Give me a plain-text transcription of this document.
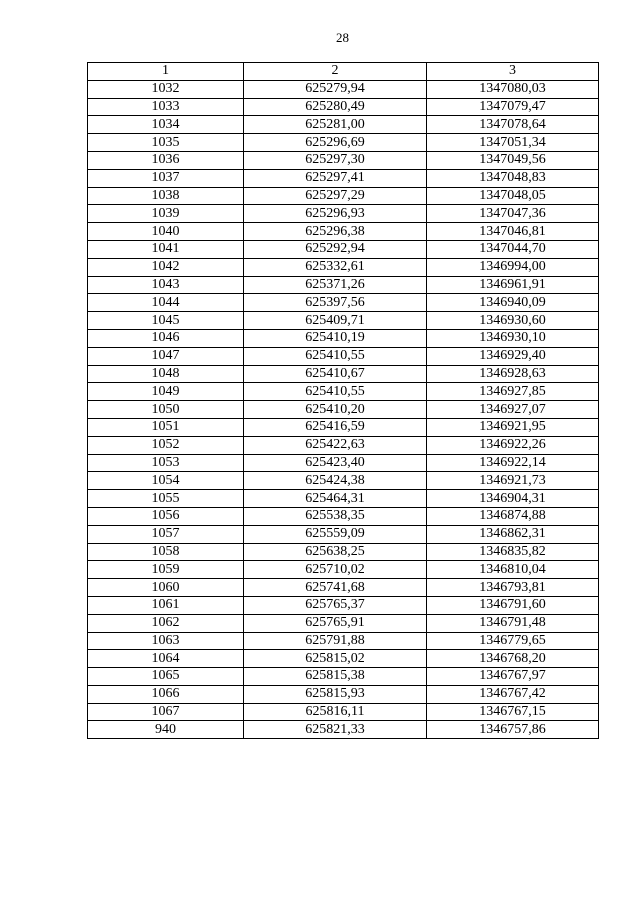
28
1	2	3
1032	625279,94	1347080,03
1033	625280,49	1347079,47
1034	625281,00	1347078,64
1035	625296,69	1347051,34
1036	625297,30	1347049,56
1037	625297,41	1347048,83
1038	625297,29	1347048,05
1039	625296,93	1347047,36
1040	625296,38	1347046,81
1041	625292,94	1347044,70
1042	625332,61	1346994,00
1043	625371,26	1346961,91
1044	625397,56	1346940,09
1045	625409,71	1346930,60
1046	625410,19	1346930,10
1047	625410,55	1346929,40
1048	625410,67	1346928,63
1049	625410,55	1346927,85
1050	625410,20	1346927,07
1051	625416,59	1346921,95
1052	625422,63	1346922,26
1053	625423,40	1346922,14
1054	625424,38	1346921,73
1055	625464,31	1346904,31
1056	625538,35	1346874,88
1057	625559,09	1346862,31
1058	625638,25	1346835,82
1059	625710,02	1346810,04
1060	625741,68	1346793,81
1061	625765,37	1346791,60
1062	625765,91	1346791,48
1063	625791,88	1346779,65
1064	625815,02	1346768,20
1065	625815,38	1346767,97
1066	625815,93	1346767,42
1067	625816,11	1346767,15
940	625821,33	1346757,86
